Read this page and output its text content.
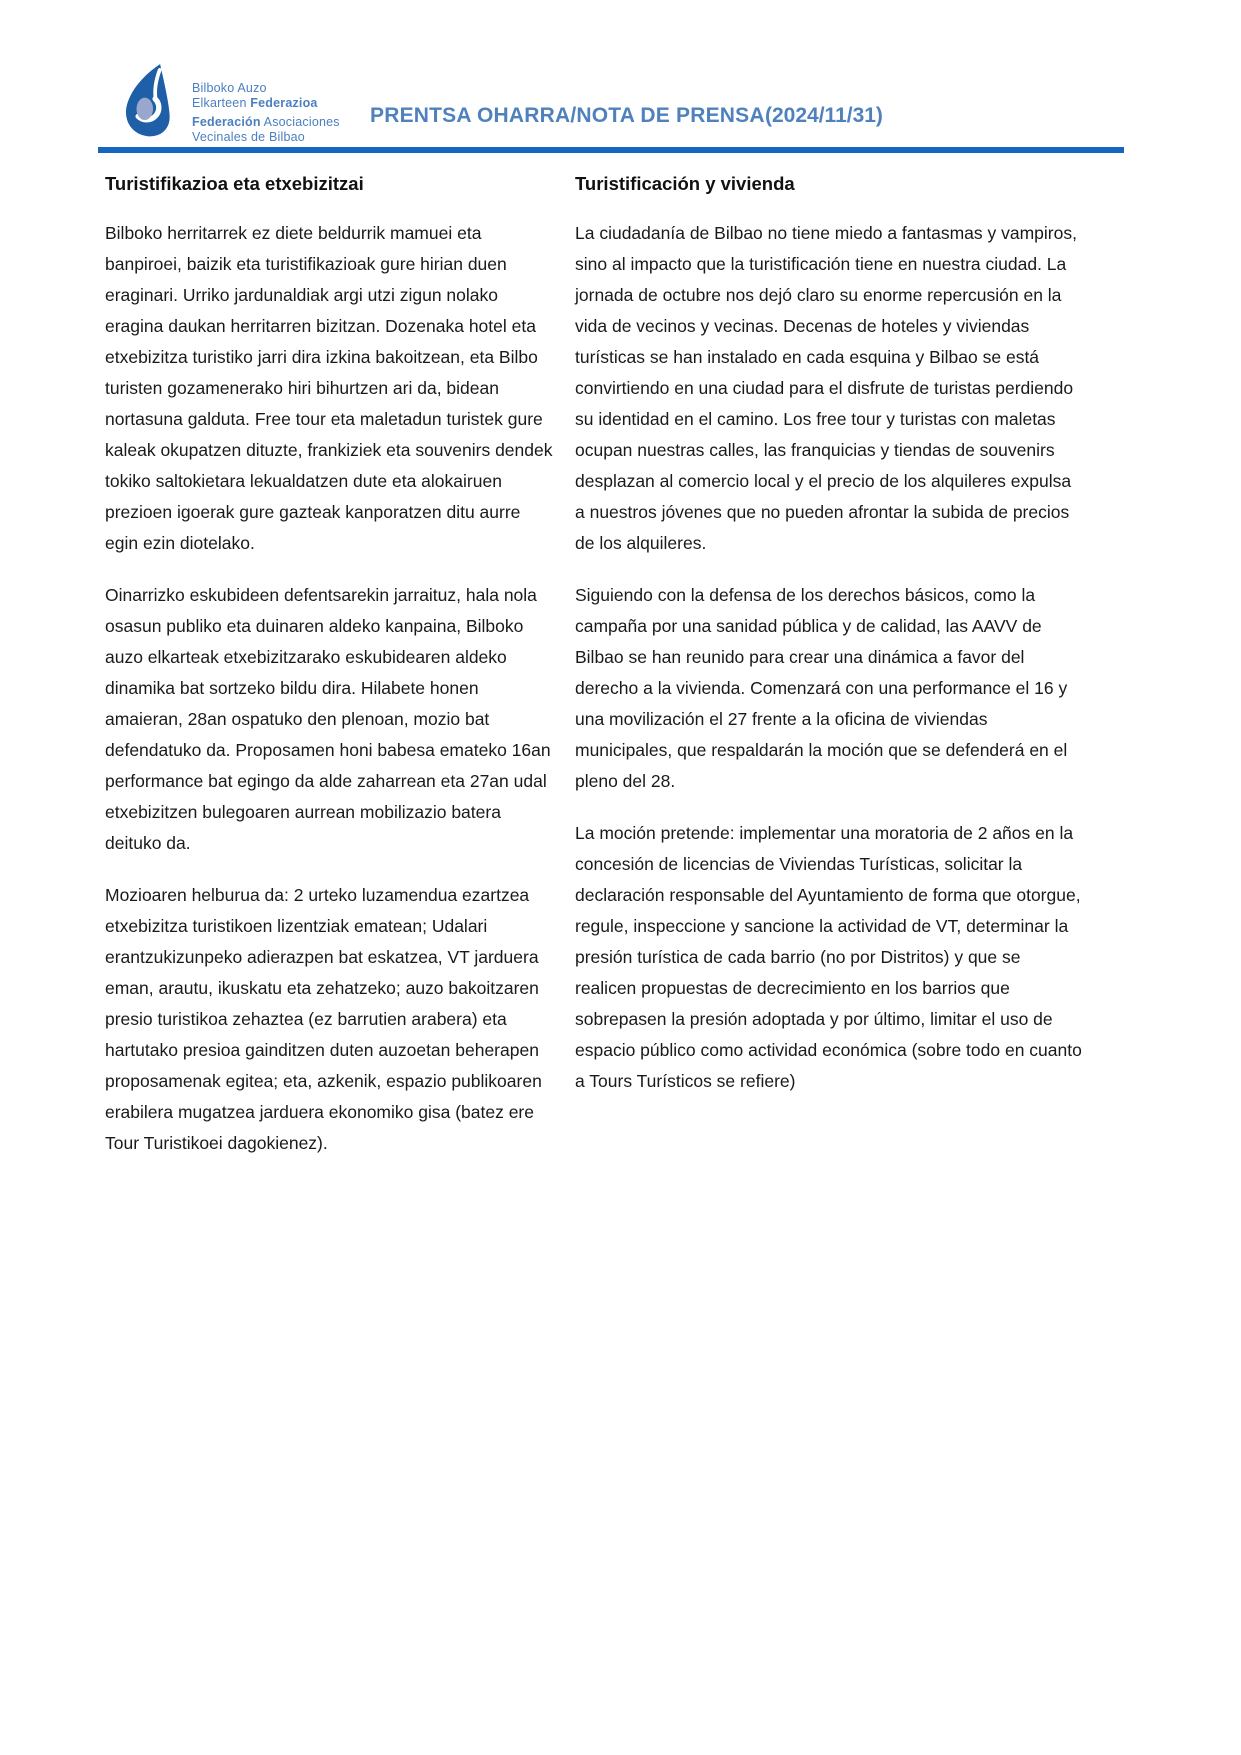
Bilboko Auzo
Elkarteen Federazioa
Federación Asociaciones
Vecinales de Bilbao
PRENTSA OHARRA/NOTA DE PRENSA (2024/11/31)
Turistifikazioa eta etxebizitzai

Bilboko herritarrek ez diete beldurrik mamuei eta banpiroei, baizik eta turistifikazioak gure hirian duen eraginari. Urriko jardunaldiak argi utzi zigun nolako eragina daukan herritarren bizitzan. Dozenaka hotel eta etxebizitza turistiko jarri dira izkina bakoitzean, eta Bilbo turisten gozamenerako hiri bihurtzen ari da, bidean nortasuna galduta. Free tour eta maletadun turistek gure kaleak okupatzen dituzte, frankiziek eta souvenirs dendek tokiko saltokietara lekualdatzen dute eta alokairuen prezioen igoerak gure gazteak kanporatzen ditu aurre egin ezin diotelako.

Oinarrizko eskubideen defentsarekin jarraituz, hala nola osasun publiko eta duinaren aldeko kanpaina, Bilboko auzo elkarteak etxebizitzarako eskubidearen aldeko dinamika bat sortzeko bildu dira. Hilabete honen amaieran, 28an ospatuko den plenoan, mozio bat defendatuko da. Proposamen honi babesa emateko 16an performance bat egingo da alde zaharrean eta 27an udal etxebizitzen bulegoaren aurrean mobilizazio batera deituko da.

Mozioaren helburua da: 2 urteko luzamendua ezartzea etxebizitza turistikoen lizentziak ematean; Udalari erantzukizunpeko adierazpen bat eskatzea, VT jarduera eman, arautu, ikuskatu eta zehatzeko; auzo bakoitzaren presio turistikoa zehaztea (ez barrutien arabera) eta hartutako presioa gainditzen duten auzoetan beherapen proposamenak egitea; eta, azkenik, espazio publikoaren erabilera mugatzea jarduera ekonomiko gisa (batez ere Tour Turistikoei dagokienez).

Turistificación y vivienda

La ciudadanía de Bilbao no tiene miedo a fantasmas y vampiros, sino al impacto que la turistificación tiene en nuestra ciudad. La jornada de octubre nos dejó claro su enorme repercusión en la vida de vecinos y vecinas. Decenas de hoteles y viviendas turísticas se han instalado en cada esquina y Bilbao se está convirtiendo en una ciudad para el disfrute de turistas perdiendo su identidad en el camino. Los free tour y turistas con maletas ocupan nuestras calles, las franquicias y tiendas de souvenirs desplazan al comercio local y el precio de los alquileres expulsa a nuestros jóvenes que no pueden afrontar la subida de precios de los alquileres.

Siguiendo con la defensa de los derechos básicos, como la campaña por una sanidad pública y de calidad, las AAVV de Bilbao se han reunido para crear una dinámica a favor del derecho a la vivienda. Comenzará con una performance el 16 y una movilización el 27 frente a la oficina de viviendas municipales, que respaldarán la moción que se defenderá en el pleno del 28.

La moción pretende: implementar una moratoria de 2 años en la concesión de licencias de Viviendas Turísticas, solicitar la declaración responsable del Ayuntamiento de forma que otorgue, regule, inspeccione y sancione la actividad de VT, determinar la presión turística de cada barrio (no por Distritos) y que se realicen propuestas de decrecimiento en los barrios que sobrepasen la presión adoptada y por último, limitar el uso de espacio público como actividad económica (sobre todo en cuanto a Tours Turísticos se refiere)
